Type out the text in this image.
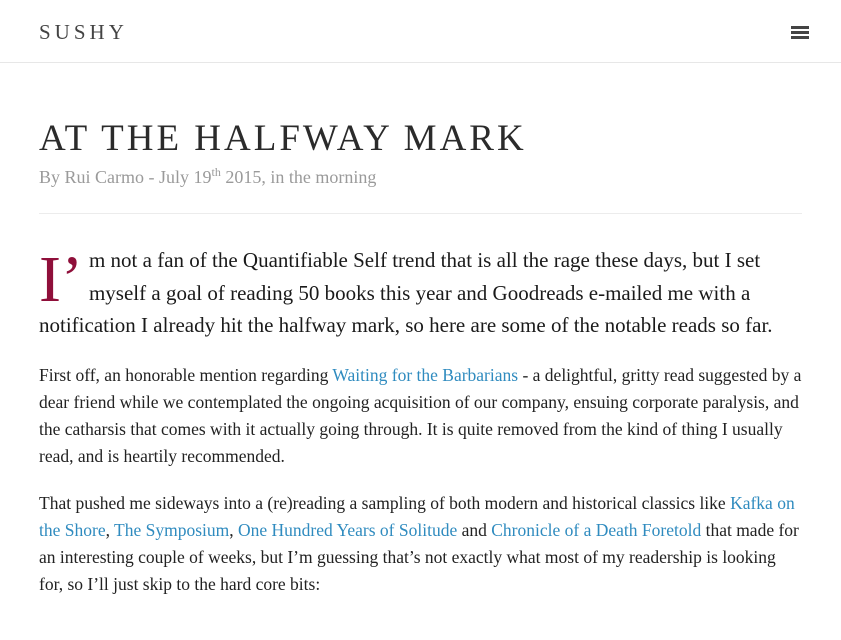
SUSHY
AT THE HALFWAY MARK
By Rui Carmo - July 19th 2015, in the morning
I’ m not a fan of the Quantifiable Self trend that is all the rage these days, but I set myself a goal of reading 50 books this year and Goodreads e-mailed me with a notification I already hit the halfway mark, so here are some of the notable reads so far.

First off, an honorable mention regarding Waiting for the Barbarians - a delightful, gritty read suggested by a dear friend while we contemplated the ongoing acquisition of our company, ensuing corporate paralysis, and the catharsis that comes with it actually going through. It is quite removed from the kind of thing I usually read, and is heartily recommended.

That pushed me sideways into a (re)reading a sampling of both modern and historical classics like Kafka on the Shore, The Symposium, One Hundred Years of Solitude and Chronicle of a Death Foretold that made for an interesting couple of weeks, but I’m guessing that’s not exactly what most of my readership is looking for, so I’ll just skip to the hard core bits:
